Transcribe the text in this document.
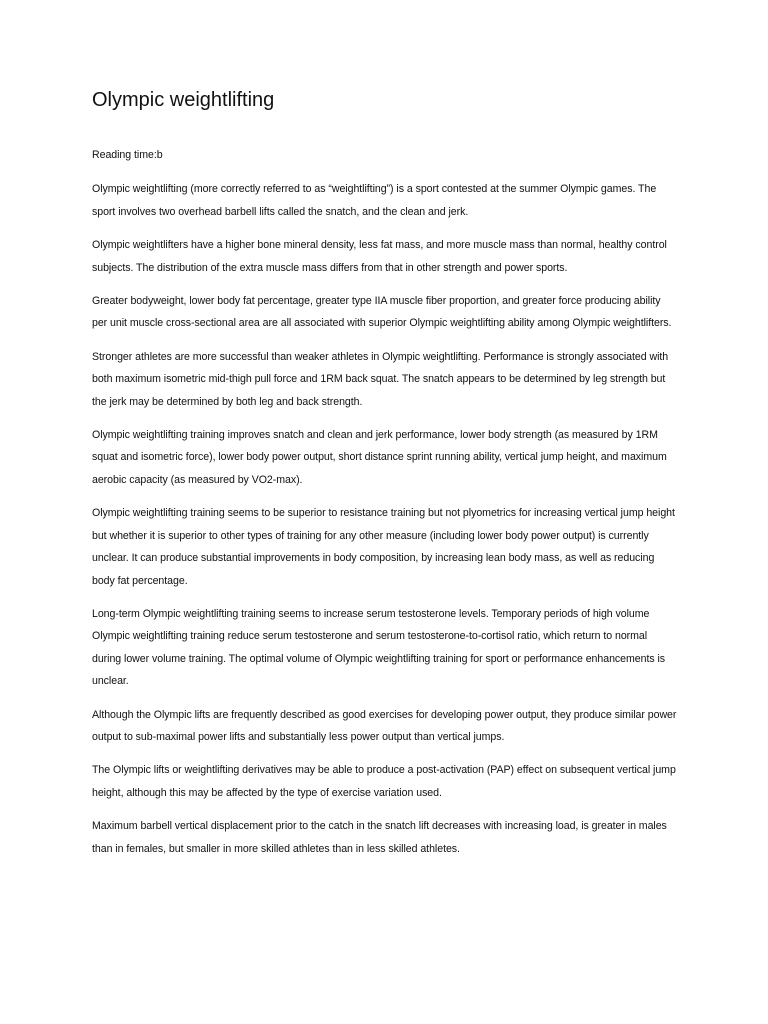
Olympic weightlifting

Reading time:b

Olympic weightlifting (more correctly referred to as “weightlifting”) is a sport contested at the summer Olympic games. The sport involves two overhead barbell lifts called the snatch, and the clean and jerk.

Olympic weightlifters have a higher bone mineral density, less fat mass, and more muscle mass than normal, healthy control subjects. The distribution of the extra muscle mass differs from that in other strength and power sports.

Greater bodyweight, lower body fat percentage, greater type IIA muscle fiber proportion, and greater force producing ability per unit muscle cross-sectional area are all associated with superior Olympic weightlifting ability among Olympic weightlifters.

Stronger athletes are more successful than weaker athletes in Olympic weightlifting. Performance is strongly associated with both maximum isometric mid-thigh pull force and 1RM back squat. The snatch appears to be determined by leg strength but the jerk may be determined by both leg and back strength.

Olympic weightlifting training improves snatch and clean and jerk performance, lower body strength (as measured by 1RM squat and isometric force), lower body power output, short distance sprint running ability, vertical jump height, and maximum aerobic capacity (as measured by VO2-max).

Olympic weightlifting training seems to be superior to resistance training but not plyometrics for increasing vertical jump height but whether it is superior to other types of training for any other measure (including lower body power output) is currently unclear. It can produce substantial improvements in body composition, by increasing lean body mass, as well as reducing body fat percentage.

Long-term Olympic weightlifting training seems to increase serum testosterone levels. Temporary periods of high volume Olympic weightlifting training reduce serum testosterone and serum testosterone-to-cortisol ratio, which return to normal during lower volume training. The optimal volume of Olympic weightlifting training for sport or performance enhancements is unclear.

Although the Olympic lifts are frequently described as good exercises for developing power output, they produce similar power output to sub-maximal power lifts and substantially less power output than vertical jumps.

The Olympic lifts or weightlifting derivatives may be able to produce a post-activation (PAP) effect on subsequent vertical jump height, although this may be affected by the type of exercise variation used.

Maximum barbell vertical displacement prior to the catch in the snatch lift decreases with increasing load, is greater in males than in females, but smaller in more skilled athletes than in less skilled athletes.
